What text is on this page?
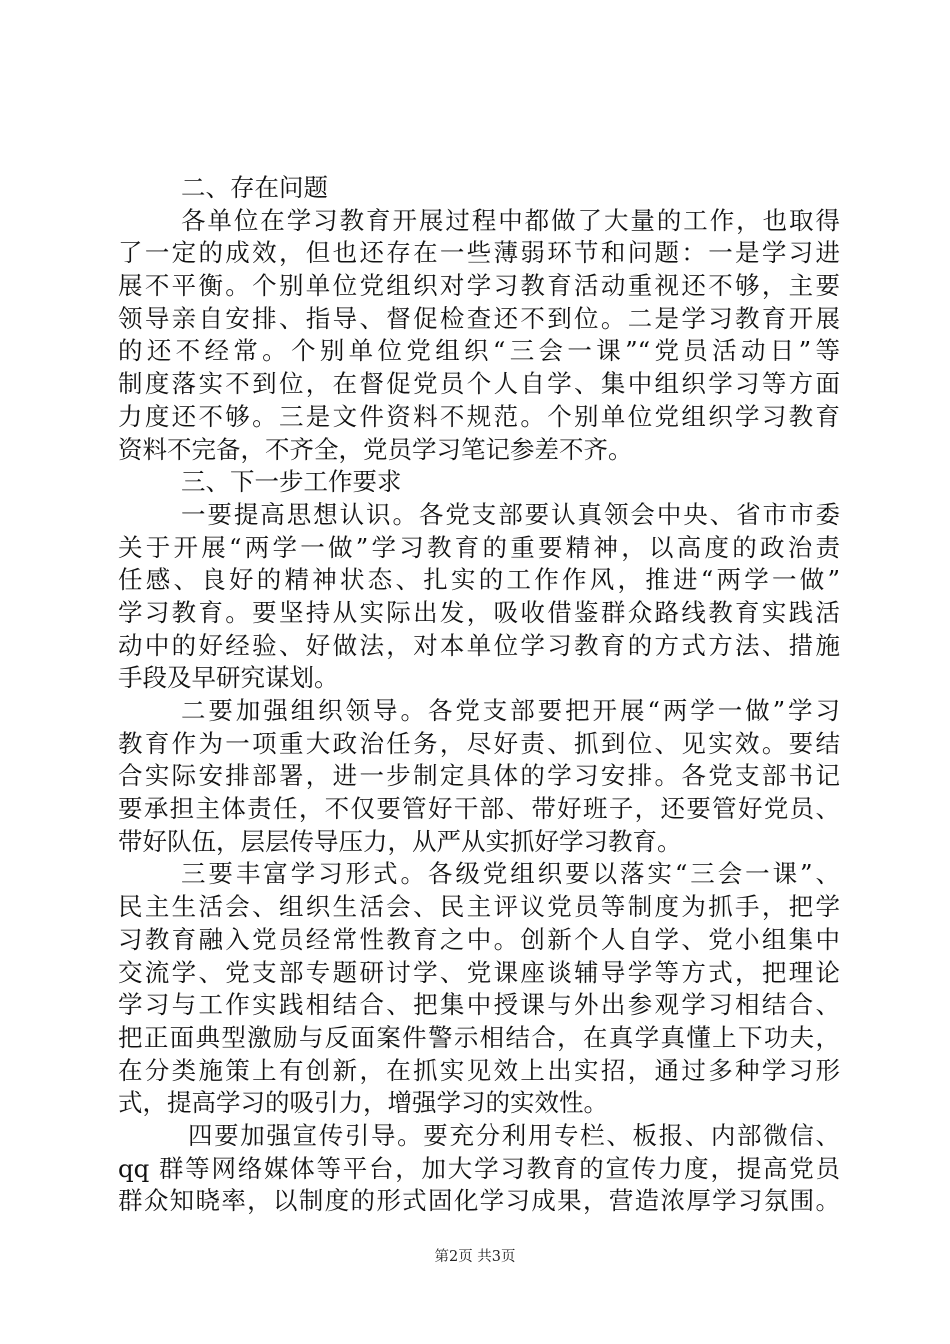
二、存在问题
各单位在学习教育开展过程中都做了大量的工作，也取得
了一定的成效，但也还存在一些薄弱环节和问题：一是学习进
展不平衡。个别单位党组织对学习教育活动重视还不够，主要
领导亲自安排、指导、督促检查还不到位。二是学习教育开展
的还不经常。个别单位党组织“三会一课”“党员活动日”等
制度落实不到位，在督促党员个人自学、集中组织学习等方面
力度还不够。三是文件资料不规范。个别单位党组织学习教育
资料不完备，不齐全，党员学习笔记参差不齐。
三、下一步工作要求
一要提高思想认识。各党支部要认真领会中央、省市市委
关于开展“两学一做”学习教育的重要精神，以高度的政治责
任感、良好的精神状态、扎实的工作作风，推进“两学一做”
学习教育。要坚持从实际出发，吸收借鉴群众路线教育实践活
动中的好经验、好做法，对本单位学习教育的方式方法、措施
手段及早研究谋划。
二要加强组织领导。各党支部要把开展“两学一做”学习
教育作为一项重大政治任务，尽好责、抓到位、见实效。要结
合实际安排部署，进一步制定具体的学习安排。各党支部书记
要承担主体责任，不仅要管好干部、带好班子，还要管好党员、
带好队伍，层层传导压力，从严从实抓好学习教育。
三要丰富学习形式。各级党组织要以落实“三会一课”、
民主生活会、组织生活会、民主评议党员等制度为抓手，把学
习教育融入党员经常性教育之中。创新个人自学、党小组集中
交流学、党支部专题研讨学、党课座谈辅导学等方式，把理论
学习与工作实践相结合、把集中授课与外出参观学习相结合、
把正面典型激励与反面案件警示相结合，在真学真懂上下功夫，
在分类施策上有创新，在抓实见效上出实招，通过多种学习形
式，提高学习的吸引力，增强学习的实效性。
四要加强宣传引导。要充分利用专栏、板报、内部微信、
qq 群等网络媒体等平台，加大学习教育的宣传力度，提高党员
群众知晓率，以制度的形式固化学习成果，营造浓厚学习氛围。
第2页 共3页
